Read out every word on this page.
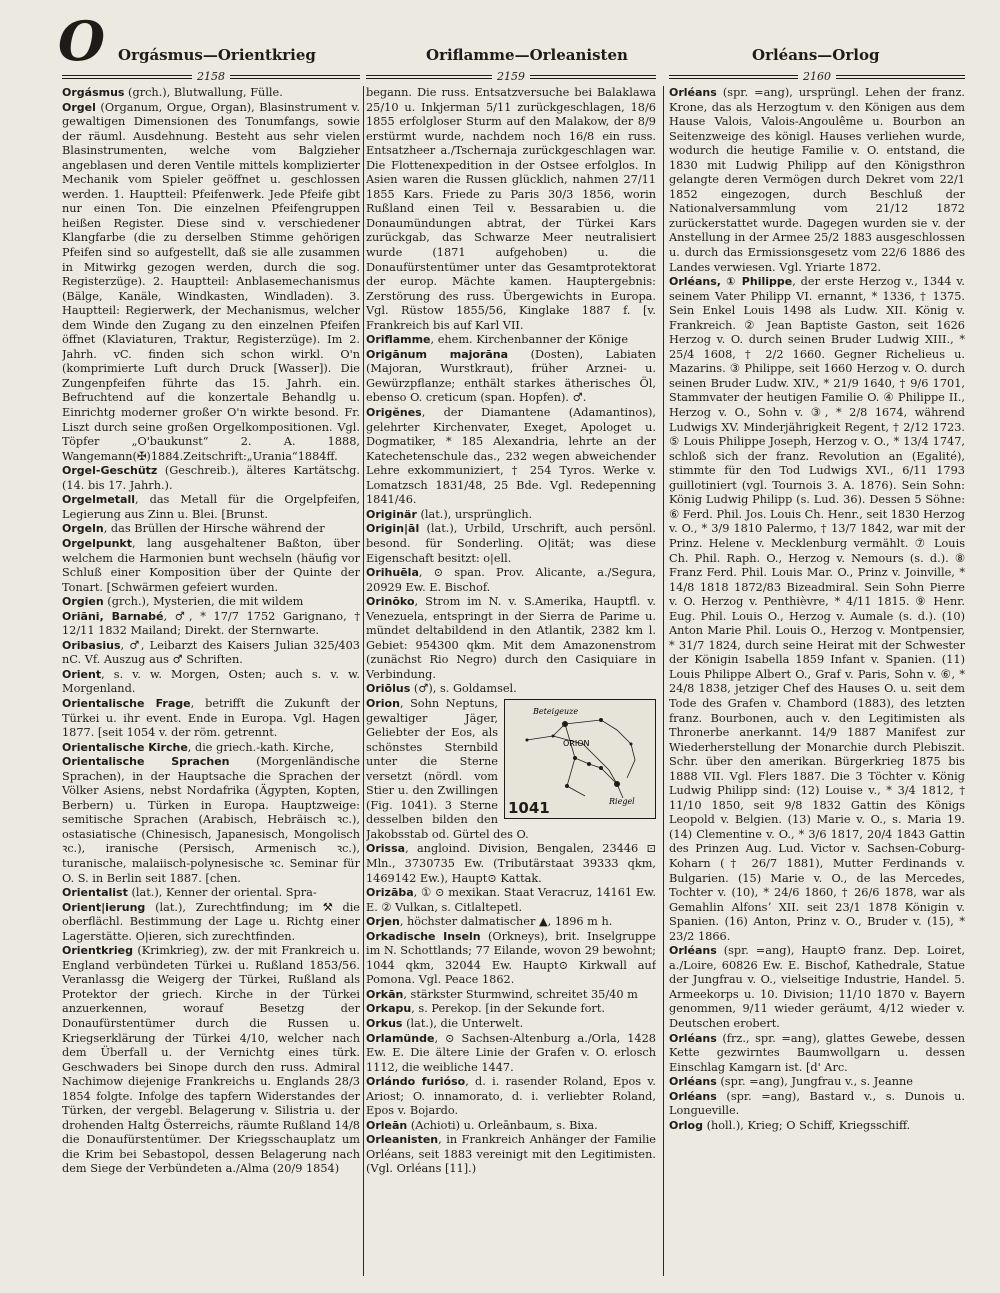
O Orgásmus—Orientkrieg	Oriflamme—Orleanisten	Orléans—Orlog
2158	2159	2160

Orgásmus (grch.), Blutwallung, Fülle.

Orgel (Organum, Orgue, Organ), Blasinstrument v. gewaltigen Dimensionen des Tonumfangs, sowie der räuml. Ausdehnung. Besteht aus sehr vielen Blasinstrumenten, welche vom Balgzieher angeblasen und deren Ventile mittels komplizierter Mechanik vom Spieler geöffnet u. geschlossen werden. 1. Hauptteil: Pfeifenwerk. Jede Pfeife gibt nur einen Ton. Die einzelnen Pfeifengruppen heißen Register. Diese sind v. verschiedener Klangfarbe (die zu derselben Stimme gehörigen Pfeifen sind so aufgestellt, daß sie alle zusammen in Mitwirkg gezogen werden, durch die sog. Registerzüge). 2. Hauptteil: Anblasemechanismus (Bälge, Kanäle, Windkasten, Windladen). 3. Hauptteil: Regierwerk, der Mechanismus, welcher dem Winde den Zugang zu den einzelnen Pfeifen öffnet (Klaviaturen, Traktur, Registerzüge). Im 2. Jahrh. vC. finden sich schon wirkl. O'n (komprimierte Luft durch Druck [Wasser]). Die Zungenpfeifen führte das 15. Jahrh. ein. Befruchtend auf die konzertale Behandlg u. Einrichtg moderner großer O'n wirkte besond. Fr. Liszt durch seine großen Orgelkompositionen. Vgl. Töpfer „O'baukunst“ 2. A. 1888, Wangemann(✠)1884.Zeitschrift:„Urania“1884ff.

Orgel-Geschütz (Geschreib.), älteres Kartätschg. (14. bis 17. Jahrh.).

Orgelmetall, das Metall für die Orgelpfeifen, Legierung aus Zinn u. Blei. [Brunst.

Orgeln, das Brüllen der Hirsche während der

Orgelpunkt, lang ausgehaltener Baßton, über welchem die Harmonien bunt wechseln (häufig vor Schluß einer Komposition über der Quinte der Tonart. [Schwärmen gefeiert wurden.

Orgien (grch.), Mysterien, die mit wildem

Oriāni, Barnabé, ♂, * 17/7 1752 Garignano, † 12/11 1832 Mailand; Direkt. der Sternwarte.

Oribasius, ♂, Leibarzt des Kaisers Julian 325/403 nC. Vf. Auszug aus ♂ Schriften.

Orient, s. v. w. Morgen, Osten; auch s. v. w. Morgenland.

Orientalische Frage, betrifft die Zukunft der Türkei u. ihr event. Ende in Europa. Vgl. Hagen 1877. [seit 1054 v. der röm. getrennt.

Orientalische Kirche, die griech.-kath. Kirche,

Orientalische Sprachen (Morgenländische Sprachen), in der Hauptsache die Sprachen der Völker Asiens, nebst Nordafrika (Ägypten, Kopten, Berbern) u. Türken in Europa. Hauptzweige: semitische Sprachen (Arabisch, Hebräisch ꝛc.), ostasiatische (Chinesisch, Japanesisch, Mongolisch ꝛc.), iranische (Persisch, Armenisch ꝛc.), turanische, malaiisch-polynesische ꝛc. Seminar für O. S. in Berlin seit 1887. [chen.

Orientalist (lat.), Kenner der oriental. Spra-

Orient|ierung (lat.), Zurechtfindung; im ⚒ die oberflächl. Bestimmung der Lage u. Richtg einer Lagerstätte. O|ieren, sich zurechtfinden.

Orientkrieg (Krimkrieg), zw. der mit Frankreich u. England verbündeten Türkei u. Rußland 1853/56. Veranlassg die Weigerg der Türkei, Rußland als Protektor der griech. Kirche in der Türkei anzuerkennen, worauf Besetzg der Donaufürstentümer durch die Russen u. Kriegserklärung der Türkei 4/10, welcher nach dem Überfall u. der Vernichtg eines türk. Geschwaders bei Sinope durch den russ. Admiral Nachimow diejenige Frankreichs u. Englands 28/3 1854 folgte. Infolge des tapfern Widerstandes der Türken, der vergebl. Belagerung v. Silistria u. der drohenden Haltg Österreichs, räumte Rußland 14/8 die Donaufürstentümer. Der Kriegsschauplatz um die Krim bei Sebastopol, dessen Belagerung nach dem Siege der Verbündeten a./Alma (20/9 1854)

begann. Die russ. Entsatzversuche bei Balaklawa 25/10 u. Inkjerman 5/11 zurückgeschlagen, 18/6 1855 erfolgloser Sturm auf den Malakow, der 8/9 erstürmt wurde, nachdem noch 16/8 ein russ. Entsatzheer a./Tschernaja zurückgeschlagen war. Die Flottenexpedition in der Ostsee erfolglos. In Asien waren die Russen glücklich, nahmen 27/11 1855 Kars. Friede zu Paris 30/3 1856, worin Rußland einen Teil v. Bessarabien u. die Donaumündungen abtrat, der Türkei Kars zurückgab, das Schwarze Meer neutralisiert wurde (1871 aufgehoben) u. die Donaufürstentümer unter das Gesamtprotektorat der europ. Mächte kamen. Hauptergebnis: Zerstörung des russ. Übergewichts in Europa. Vgl. Rüstow 1855/56, Kinglake 1887 f. [v. Frankreich bis auf Karl VII.

Oriflamme, ehem. Kirchenbanner der Könige

Origānum majorāna (Dosten), Labiaten (Majoran, Wurstkraut), früher Arznei- u. Gewürzpflanze; enthält starkes ätherisches Öl, ebenso O. creticum (span. Hopfen). ♂.

Origĕnes, der Diamantene (Adamantinos), gelehrter Kirchenvater, Exeget, Apologet u. Dogmatiker, * 185 Alexandria, lehrte an der Katechetenschule das., 232 wegen abweichender Lehre exkommuniziert, † 254 Tyros. Werke v. Lomatzsch 1831/48, 25 Bde. Vgl. Redepenning 1841/46.

Originär (lat.), ursprünglich.

Origin|āl (lat.), Urbild, Urschrift, auch persönl. besond. für Sonderling. O|ität; was diese Eigenschaft besitzt: o|ell.

Orihuēla, ⊙ span. Prov. Alicante, a./Segura, 20929 Ew. E. Bischof.

Orinōko, Strom im N. v. S.Amerika, Hauptfl. v. Venezuela, entspringt in der Sierra de Parime u. mündet deltabildend in den Atlantik, 2382 km l. Gebiet: 954300 qkm. Mit dem Amazonenstrom (zunächst Rio Negro) durch den Casiquiare in Verbindung.

Oriōlus (♂), s. Goldamsel.

Beteigeuze
ORION
Riegel
1041
Orion, Sohn Neptuns, gewaltiger Jäger, Geliebter der Eos, als schönstes Sternbild unter die Sterne versetzt (nördl. vom Stier u. den Zwillingen (Fig. 1041). 3 Sterne desselben bilden den Jakobsstab od. Gürtel des O.

Orissa, angloind. Division, Bengalen, 23446 ⊡ Mln., 3730735 Ew. (Tributärstaat 39333 qkm, 1469142 Ew.), Haupt⊙ Kattak.

Orizāba, ① ⊙ mexikan. Staat Veracruz, 14161 Ew. E. ② Vulkan, s. Citlaltepetl.

Orjen, höchster dalmatischer ▲, 1896 m h.

Orkadische Inseln (Orkneys), brit. Inselgruppe im N. Schottlands; 77 Eilande, wovon 29 bewohnt; 1044 qkm, 32044 Ew. Haupt⊙ Kirkwall auf Pomona. Vgl. Peace 1862.

Orkān, stärkster Sturmwind, schreitet 35/40 m

Orkapu, s. Perekop. [in der Sekunde fort.

Orkus (lat.), die Unterwelt.

Orlamünde, ⊙ Sachsen-Altenburg a./Orla, 1428 Ew. E. Die ältere Linie der Grafen v. O. erlosch 1112, die weibliche 1447.

Orlándo furióso, d. i. rasender Roland, Epos v. Ariost; O. innamorato, d. i. verliebter Roland, Epos v. Bojardo.

Orleān (Achioti) u. Orleānbaum, s. Bixa.

Orleanisten, in Frankreich Anhänger der Familie Orléans, seit 1883 vereinigt mit den Legitimisten. (Vgl. Orléans [11].)

Orléans (spr. =ang), ursprüngl. Lehen der franz. Krone, das als Herzogtum v. den Königen aus dem Hause Valois, Valois-Angoulême u. Bourbon an Seitenzweige des königl. Hauses verliehen wurde, wodurch die heutige Familie v. O. entstand, die 1830 mit Ludwig Philipp auf den Königsthron gelangte deren Vermögen durch Dekret vom 22/1 1852 eingezogen, durch Beschluß der Nationalversammlung vom 21/12 1872 zurückerstattet wurde. Dagegen wurden sie v. der Anstellung in der Armee 25/2 1883 ausgeschlossen u. durch das Ermissionsgesetz vom 22/6 1886 des Landes verwiesen. Vgl. Yriarte 1872.

Orléans, ① Philippe, der erste Herzog v., 1344 v. seinem Vater Philipp VI. ernannt, * 1336, † 1375. Sein Enkel Louis 1498 als Ludw. XII. König v. Frankreich. ② Jean Baptiste Gaston, seit 1626 Herzog v. O. durch seinen Bruder Ludwig XIII., * 25/4 1608, † 2/2 1660. Gegner Richelieus u. Mazarins. ③ Philippe, seit 1660 Herzog v. O. durch seinen Bruder Ludw. XIV., * 21/9 1640, † 9/6 1701, Stammvater der heutigen Familie O. ④ Philippe II., Herzog v. O., Sohn v. ③, * 2/8 1674, während Ludwigs XV. Minderjährigkeit Regent, † 2/12 1723. ⑤ Louis Philippe Joseph, Herzog v. O., * 13/4 1747, schloß sich der franz. Revolution an (Egalité), stimmte für den Tod Ludwigs XVI., 6/11 1793 guillotiniert (vgl. Tournois 3. A. 1876). Sein Sohn: König Ludwig Philipp (s. Lud. 36). Dessen 5 Söhne: ⑥ Ferd. Phil. Jos. Louis Ch. Henr., seit 1830 Herzog v. O., * 3/9 1810 Palermo, † 13/7 1842, war mit der Prinz. Helene v. Mecklenburg vermählt. ⑦ Louis Ch. Phil. Raph. O., Herzog v. Nemours (s. d.). ⑧ Franz Ferd. Phil. Louis Mar. O., Prinz v. Joinville, * 14/8 1818 1872/83 Bizeadmiral. Sein Sohn Pierre v. O. Herzog v. Penthièvre, * 4/11 1815. ⑨ Henr. Eug. Phil. Louis O., Herzog v. Aumale (s. d.). (10) Anton Marie Phil. Louis O., Herzog v. Montpensier, * 31/7 1824, durch seine Heirat mit der Schwester der Königin Isabella 1859 Infant v. Spanien. (11) Louis Philippe Albert O., Graf v. Paris, Sohn v. ⑥, * 24/8 1838, jetziger Chef des Hauses O. u. seit dem Tode des Grafen v. Chambord (1883), des letzten franz. Bourbonen, auch v. den Legitimisten als Thronerbe anerkannt. 14/9 1887 Manifest zur Wiederherstellung der Monarchie durch Plebiszit. Schr. über den amerikan. Bürgerkrieg 1875 bis 1888 VII. Vgl. Flers 1887. Die 3 Töchter v. König Ludwig Philipp sind: (12) Louise v., * 3/4 1812, † 11/10 1850, seit 9/8 1832 Gattin des Königs Leopold v. Belgien. (13) Marie v. O., s. Maria 19. (14) Clementine v. O., * 3/6 1817, 20/4 1843 Gattin des Prinzen Aug. Lud. Victor v. Sachsen-Coburg-Koharn († 26/7 1881), Mutter Ferdinands v. Bulgarien. (15) Marie v. O., de las Mercedes, Tochter v. (10), * 24/6 1860, † 26/6 1878, war als Gemahlin Alfonsʼ XII. seit 23/1 1878 Königin v. Spanien. (16) Anton, Prinz v. O., Bruder v. (15), * 23/2 1866.

Orléans (spr. =ang), Haupt⊙ franz. Dep. Loiret, a./Loire, 60826 Ew. E. Bischof, Kathedrale, Statue der Jungfrau v. O., vielseitige Industrie, Handel. 5. Armeekorps u. 10. Division; 11/10 1870 v. Bayern genommen, 9/11 wieder geräumt, 4/12 wieder v. Deutschen erobert.

Orléans (frz., spr. =ang), glattes Gewebe, dessen Kette gezwirntes Baumwollgarn u. dessen Einschlag Kamgarn ist. [d' Arc.

Orléans (spr. =ang), Jungfrau v., s. Jeanne

Orléans (spr. =ang), Bastard v., s. Dunois u. Longueville.

Orlog (holl.), Krieg; O Schiff, Kriegsschiff.
